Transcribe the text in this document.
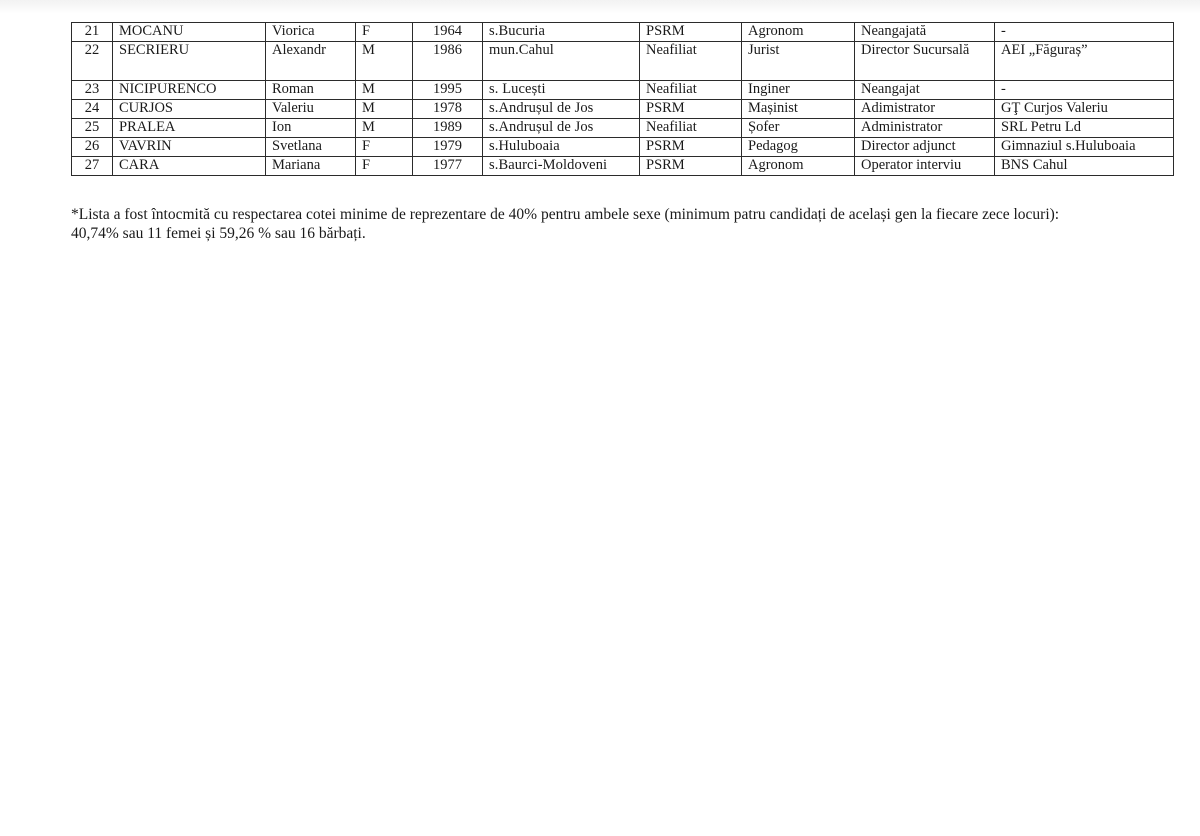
21	MOCANU	Viorica	F	1964	s.Bucuria	PSRM	Agronom	Neangajată	-
22	SECRIERU	Alexandr	M	1986	mun.Cahul	Neafiliat	Jurist	Director Sucursală	AEI „Făguraș”
23	NICIPURENCO	Roman	M	1995	s. Lucești	Neafiliat	Inginer	Neangajat	-
24	CURJOS	Valeriu	M	1978	s.Andrușul de Jos	PSRM	Mașinist	Adimistrator	GŢ Curjos Valeriu
25	PRALEA	Ion	M	1989	s.Andrușul de Jos	Neafiliat	Șofer	Administrator	SRL Petru Ld
26	VAVRIN	Svetlana	F	1979	s.Huluboaia	PSRM	Pedagog	Director adjunct	Gimnaziul s.Huluboaia
27	CARA	Mariana	F	1977	s.Baurci-Moldoveni	PSRM	Agronom	Operator interviu	BNS Cahul

*Lista a fost întocmită cu respectarea cotei minime de reprezentare de 40% pentru ambele sexe (minimum patru candidați de același gen la fiecare zece locuri):

40,74% sau 11 femei și 59,26 % sau 16 bărbați.
